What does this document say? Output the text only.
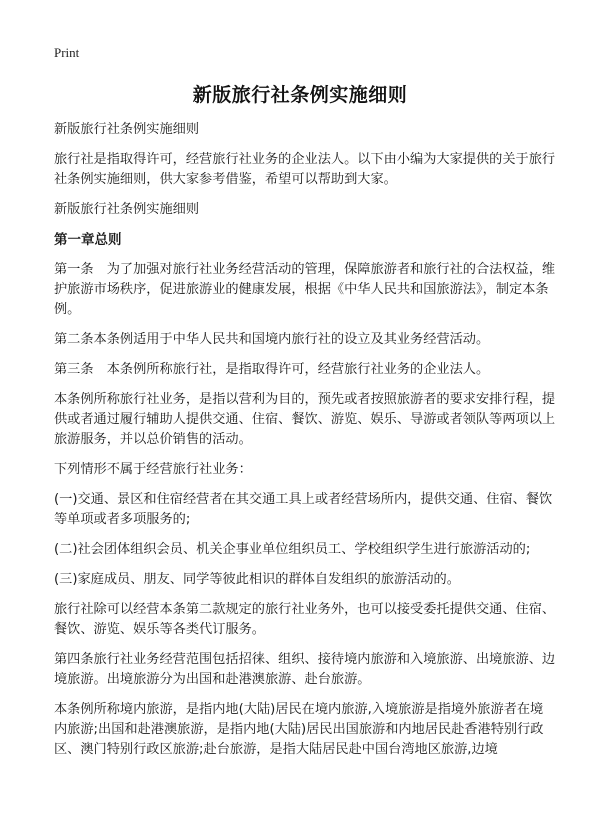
Print
新版旅行社条例实施细则

新版旅行社条例实施细则

旅行社是指取得许可，经营旅行社业务的企业法人。以下由小编为大家提供的关于旅行社条例实施细则，供大家参考借鉴，希望可以帮助到大家。

新版旅行社条例实施细则

第一章总则

第一条　为了加强对旅行社业务经营活动的管理，保障旅游者和旅行社的合法权益，维护旅游市场秩序，促进旅游业的健康发展，根据《中华人民共和国旅游法》，制定本条例。

第二条本条例适用于中华人民共和国境内旅行社的设立及其业务经营活动。

第三条　本条例所称旅行社，是指取得许可，经营旅行社业务的企业法人。

本条例所称旅行社业务，是指以营利为目的，预先或者按照旅游者的要求安排行程，提供或者通过履行辅助人提供交通、住宿、餐饮、游览、娱乐、导游或者领队等两项以上旅游服务，并以总价销售的活动。

下列情形不属于经营旅行社业务：

(一)交通、景区和住宿经营者在其交通工具上或者经营场所内，提供交通、住宿、餐饮等单项或者多项服务的;

(二)社会团体组织会员、机关企事业单位组织员工、学校组织学生进行旅游活动的;

(三)家庭成员、朋友、同学等彼此相识的群体自发组织的旅游活动的。

旅行社除可以经营本条第二款规定的旅行社业务外，也可以接受委托提供交通、住宿、餐饮、游览、娱乐等各类代订服务。

第四条旅行社业务经营范围包括招徕、组织、接待境内旅游和入境旅游、出境旅游、边境旅游。出境旅游分为出国和赴港澳旅游、赴台旅游。

本条例所称境内旅游，是指内地(大陆)居民在境内旅游,入境旅游是指境外旅游者在境内旅游;出国和赴港澳旅游，是指内地(大陆)居民出国旅游和内地居民赴香港特别行政区、澳门特别行政区旅游;赴台旅游，是指大陆居民赴中国台湾地区旅游,边境
